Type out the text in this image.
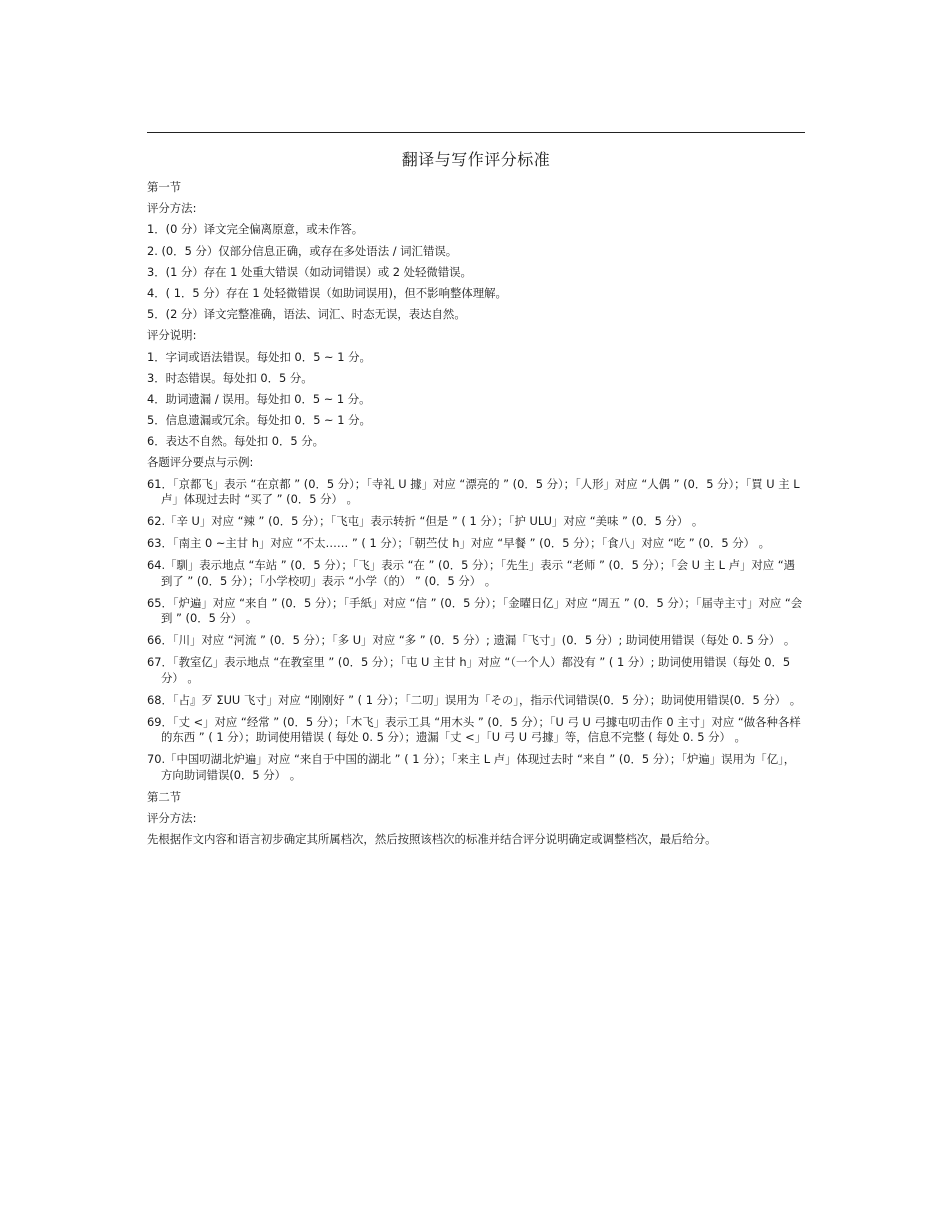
翻译与写作评分标准

第一节

评分方法:

1．(0 分）译文完全偏离原意，或未作答。

2. (0．5 分）仅部分信息正确，或存在多处语法 / 词汇错误。

3．(1 分）存在 1 处重大错误（如动词错误）或 2 处轻微错误。

4．( 1．5 分）存在 1 处轻微错误（如助词误用)，但不影响整体理解。

5．(2 分）译文完整准确，语法、词汇、时态无误，表达自然。

评分说明:

1．字词或语法错误。每处扣 0．5 ~ 1 分。

3．时态错误。每处扣 0．5 分。

4．助词遗漏 / 误用。每处扣 0．5 ~ 1 分。

5．信息遗漏或冗余。每处扣 0．5 ~ 1 分。

6．表达不自然。每处扣 0．5 分。

各题评分要点与示例:

61．「京都飞」表示 “在京都 ” (0．5 分）；「寺礼 U 據」对应 “漂亮的 ” (0．5 分）；「人形」对应 “人偶 ” (0．5 分）；「買 U 主 L 卢」体现过去时 “买了 ” (0．5 分） 。

62.「辛 U」对应 “辣 ” (0．5 分）；「飞屯」表示转折 “但是 ” ( 1 分）；「护 ULU」对应 “美味 ” (0．5 分） 。

63．「南主 0 ~主甘 h」对应 “不太…… ” ( 1 分）；「朝苎仗 h」对应 “早餐 ” (0．5 分）；「食八」对应 “吃 ” (0．5 分） 。

64.「馴」表示地点 “车站 ” (0．5 分）；「飞」表示 “在 ” (0．5 分）；「先生」表示 “老师 ” (0．5 分）；「会 U 主 L 卢」对应 “遇到了 ” (0．5 分）；「小学校叨」表示 “小学（的） ” (0．5 分） 。

65．「炉遍」对应 “来自 ” (0．5 分）；「手紙」对应 “信 ” (0．5 分）；「金曜日亿」对应 “周五 ” (0．5 分）；「届寺主寸」对应 “会到 ” (0．5 分） 。

66．「川」对应 “河流 ” (0．5 分）；「多 U」对应 “多 ” (0．5 分）; 遗漏「飞寸」(0．5 分）; 助词使用错误（每处 0. 5 分） 。

67．「教室亿」表示地点 “在教室里 ” (0．5 分）；「屯 U 主甘 h」对应 “（一个人）都没有 ” ( 1 分）; 助词使用错误（每处 0．5 分） 。

68．「占』歹 ΣUU 飞寸」对应 “刚刚好 ” ( 1 分）；「二叨」误用为「その」，指示代词错误(0．5 分）；助词使用错误(0．5 分） 。

69．「丈 <」对应 “经常 ” (0．5 分）；「木飞」表示工具 “用木头 ” (0．5 分）；「U 弓 U 弓據屯叨击作 0 主寸」对应 “做各种各样的东西 ” ( 1 分）；助词使用错误 ( 每处 0. 5 分）；遗漏「丈 <」「U 弓 U 弓據」等，信息不完整 ( 每处 0. 5 分） 。

70.「中国叨湖北炉遍」对应 “来自于中国的湖北 ” ( 1 分）；「来主 L 卢」体现过去时 “来自 ” (0．5 分）；「炉遍」误用为「亿」，方向助词错误(0．5 分） 。

第二节

评分方法:

先根据作文内容和语言初步确定其所属档次，然后按照该档次的标准并结合评分说明确定或调整档次，最后给分。
